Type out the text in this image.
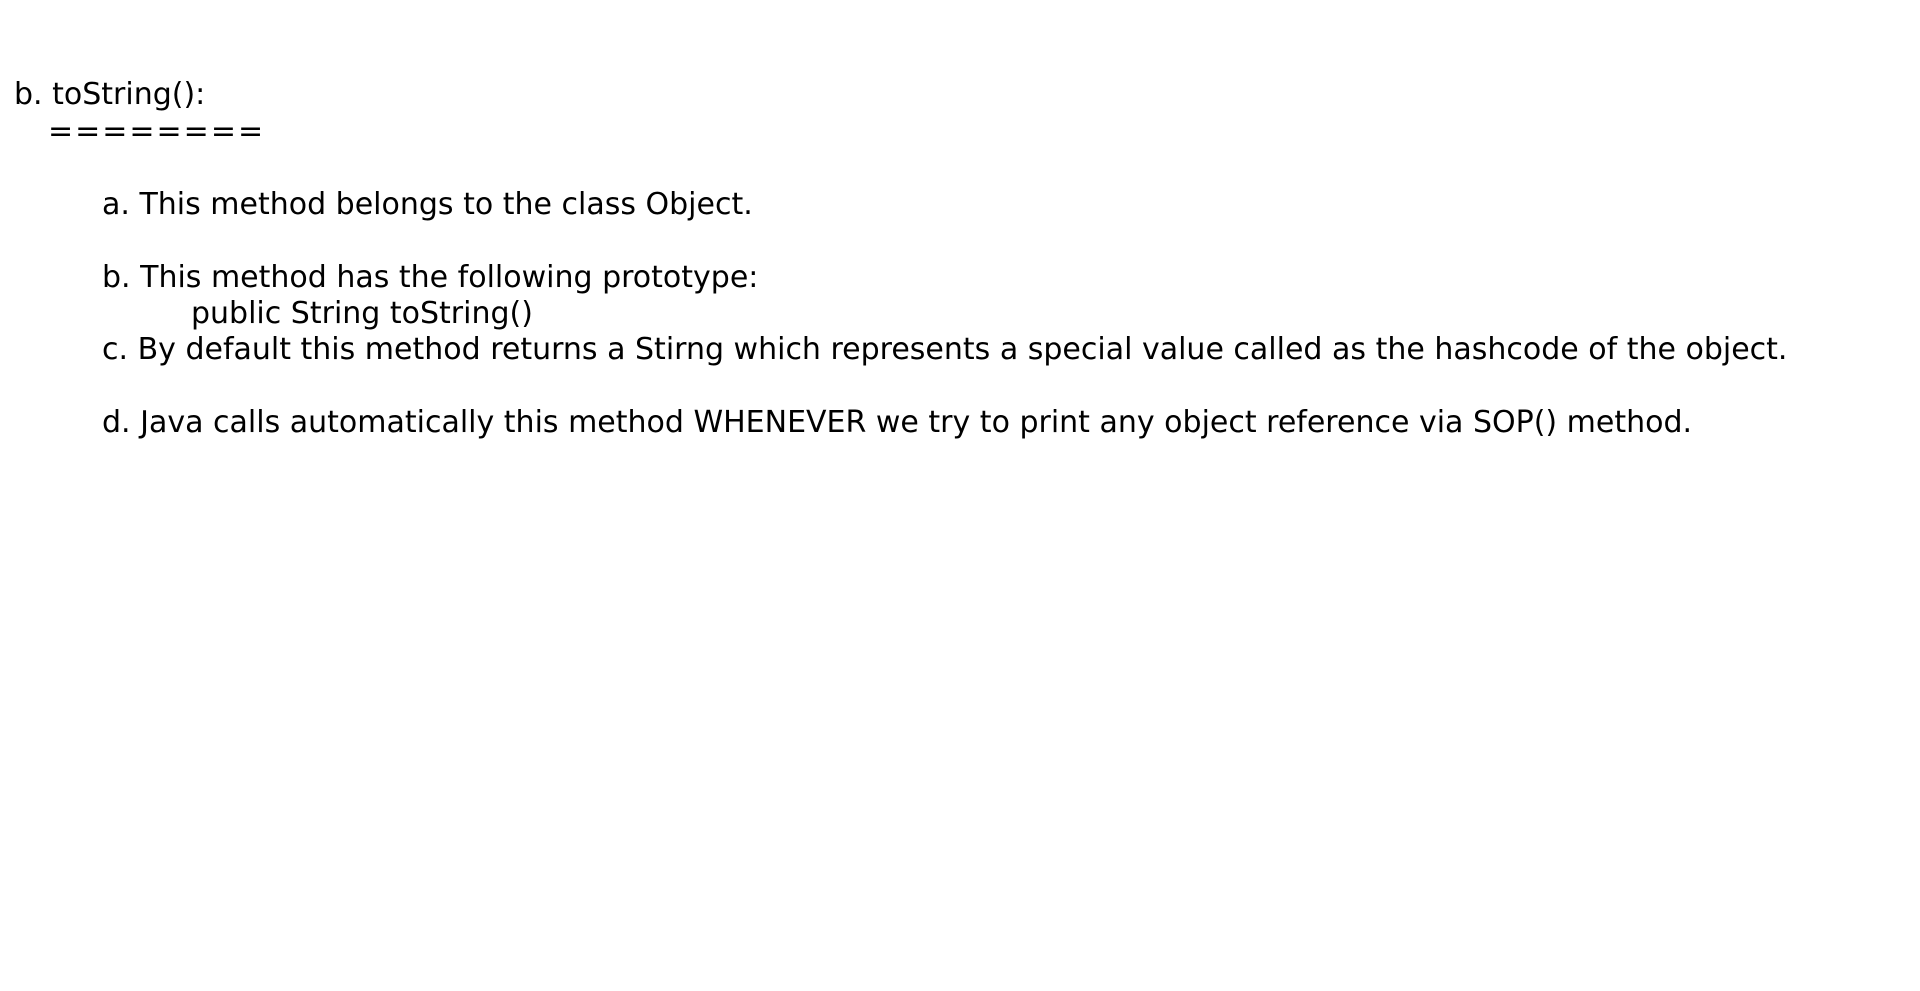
b. toString():

========

a. This method belongs to the class Object.

b. This method has the following prototype:

public String toString()

c. By default this method returns a Stirng which represents a special value called as the hashcode of the object.

d. Java calls automatically this method WHENEVER we try to print any object reference via SOP() method.
